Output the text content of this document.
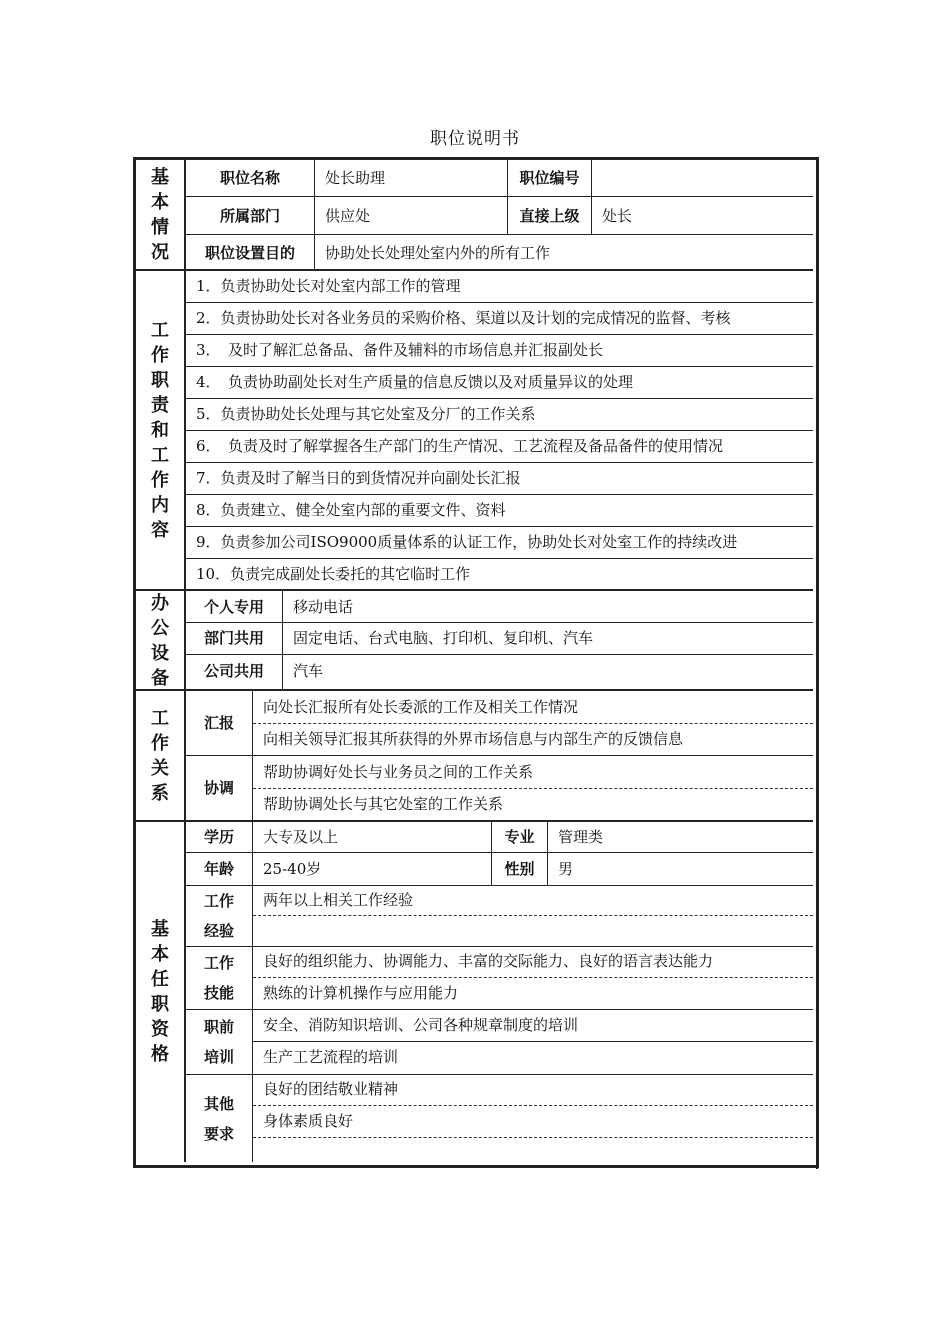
职位说明书
基
本
情
况
职位名称	处长助理	职位编号
所属部门	供应处	直接上级	处长
职位设置目的	协助处长处理处室内外的所有工作
工
作
职
责
和
工
作
内
容
1．负责协助处长对处室内部工作的管理
2．负责协助处长对各业务员的采购价格、渠道以及计划的完成情况的监督、考核
3．　及时了解汇总备品、备件及辅料的市场信息并汇报副处长
4．　负责协助副处长对生产质量的信息反馈以及对质量异议的处理
5．负责协助处长处理与其它处室及分厂的工作关系
6．　负责及时了解掌握各生产部门的生产情况、工艺流程及备品备件的使用情况
7．负责及时了解当日的到货情况并向副处长汇报
8．负责建立、健全处室内部的重要文件、资料
9．负责参加公司ISO9000质量体系的认证工作，协助处长对处室工作的持续改进
10．负责完成副处长委托的其它临时工作
办
公
设
备
个人专用	移动电话
部门共用	固定电话、台式电脑、打印机、复印机、汽车
公司共用	汽车
工
作
关
系
汇报
向处长汇报所有处长委派的工作及相关工作情况
向相关领导汇报其所获得的外界市场信息与内部生产的反馈信息
协调
帮助协调好处长与业务员之间的工作关系
帮助协调处长与其它处室的工作关系
基
本
任
职
资
格
学历	大专及以上	专业	管理类
年龄	25-40岁	性别	男
工作
经验
两年以上相关工作经验
工作
技能
良好的组织能力、协调能力、丰富的交际能力、良好的语言表达能力
熟练的计算机操作与应用能力
职前
培训
安全、消防知识培训、公司各种规章制度的培训
生产工艺流程的培训
其他
要求
良好的团结敬业精神
身体素质良好
